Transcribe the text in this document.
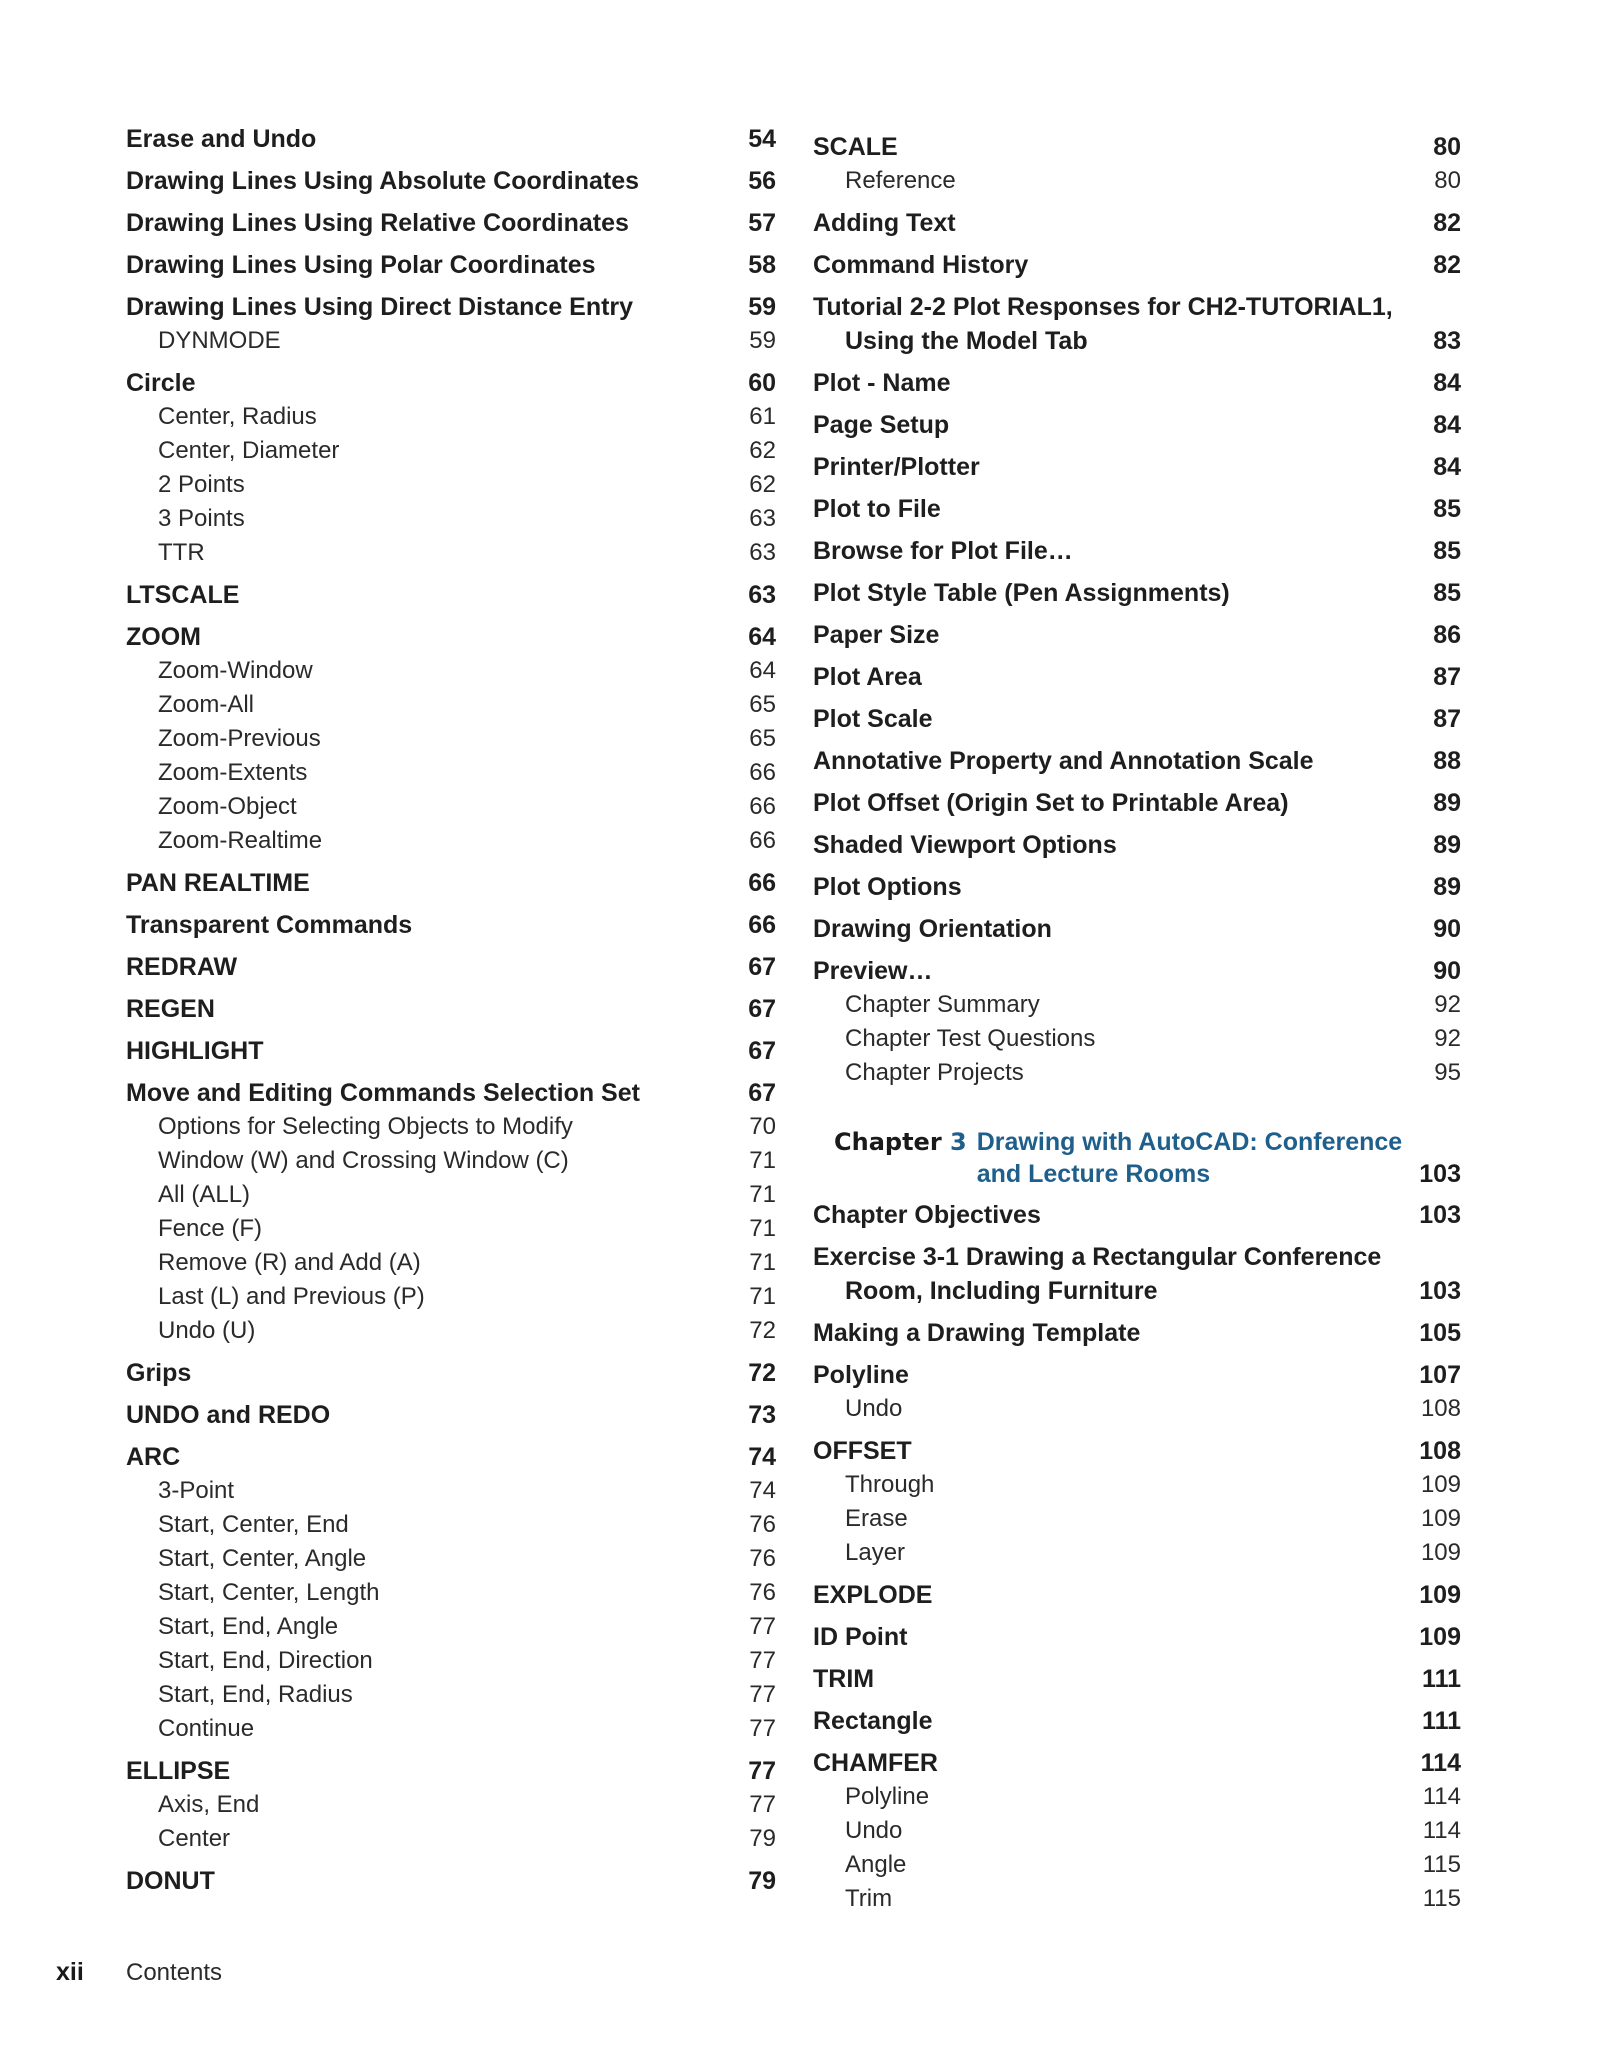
Erase and Undo	54
Drawing Lines Using Absolute Coordinates	56
Drawing Lines Using Relative Coordinates	57
Drawing Lines Using Polar Coordinates	58
Drawing Lines Using Direct Distance Entry	59
DYNMODE	59
Circle	60
Center, Radius	61
Center, Diameter	62
2 Points	62
3 Points	63
TTR	63
LTSCALE	63
ZOOM	64
Zoom-Window	64
Zoom-All	65
Zoom-Previous	65
Zoom-Extents	66
Zoom-Object	66
Zoom-Realtime	66
PAN REALTIME	66
Transparent Commands	66
REDRAW	67
REGEN	67
HIGHLIGHT	67
Move and Editing Commands Selection Set	67
Options for Selecting Objects to Modify	70
Window (W) and Crossing Window (C)	71
All (ALL)	71
Fence (F)	71
Remove (R) and Add (A)	71
Last (L) and Previous (P)	71
Undo (U)	72
Grips	72
UNDO and REDO	73
ARC	74
3-Point	74
Start, Center, End	76
Start, Center, Angle	76
Start, Center, Length	76
Start, End, Angle	77
Start, End, Direction	77
Start, End, Radius	77
Continue	77
ELLIPSE	77
Axis, End	77
Center	79
DONUT	79
SCALE	80
Reference	80
Adding Text	82
Command History	82
Tutorial 2-2 Plot Responses for CH2-TUTORIAL1,
Using the Model Tab	83
Plot - Name	84
Page Setup	84
Printer/Plotter	84
Plot to File	85
Browse for Plot File…	85
Plot Style Table (Pen Assignments)	85
Paper Size	86
Plot Area	87
Plot Scale	87
Annotative Property and Annotation Scale	88
Plot Offset (Origin Set to Printable Area)	89
Shaded Viewport Options	89
Plot Options	89
Drawing Orientation	90
Preview…	90
Chapter Summary	92
Chapter Test Questions	92
Chapter Projects	95
Chapter 3 Drawing with AutoCAD: Conference
and Lecture Rooms	103
Chapter Objectives	103
Exercise 3-1 Drawing a Rectangular Conference
Room, Including Furniture	103
Making a Drawing Template	105
Polyline	107
Undo	108
OFFSET	108
Through	109
Erase	109
Layer	109
EXPLODE	109
ID Point	109
TRIM	111
Rectangle	111
CHAMFER	114
Polyline	114
Undo	114
Angle	115
Trim	115
xii	Contents
